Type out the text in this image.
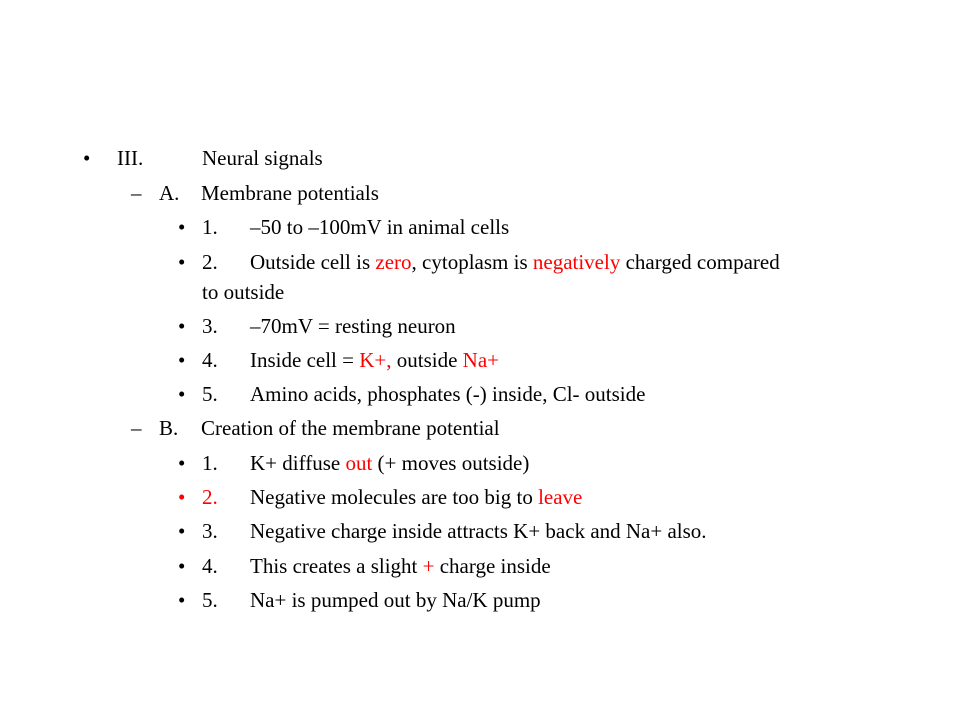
• III.	Neural signals
– A. Membrane potentials
• 1. –50 to –100mV in animal cells
• 2. Outside cell is zero, cytoplasm is negatively charged compared
to outside
• 3. –70mV = resting neuron
• 4. Inside cell = K+, outside Na+
• 5. Amino acids, phosphates (-) inside, Cl- outside
– B. Creation of the membrane potential
• 1. K+ diffuse out (+ moves outside)
• 2. Negative molecules are too big to leave
• 3. Negative charge inside attracts K+ back and Na+ also.
• 4. This creates a slight + charge inside
• 5. Na+ is pumped out by Na/K pump
